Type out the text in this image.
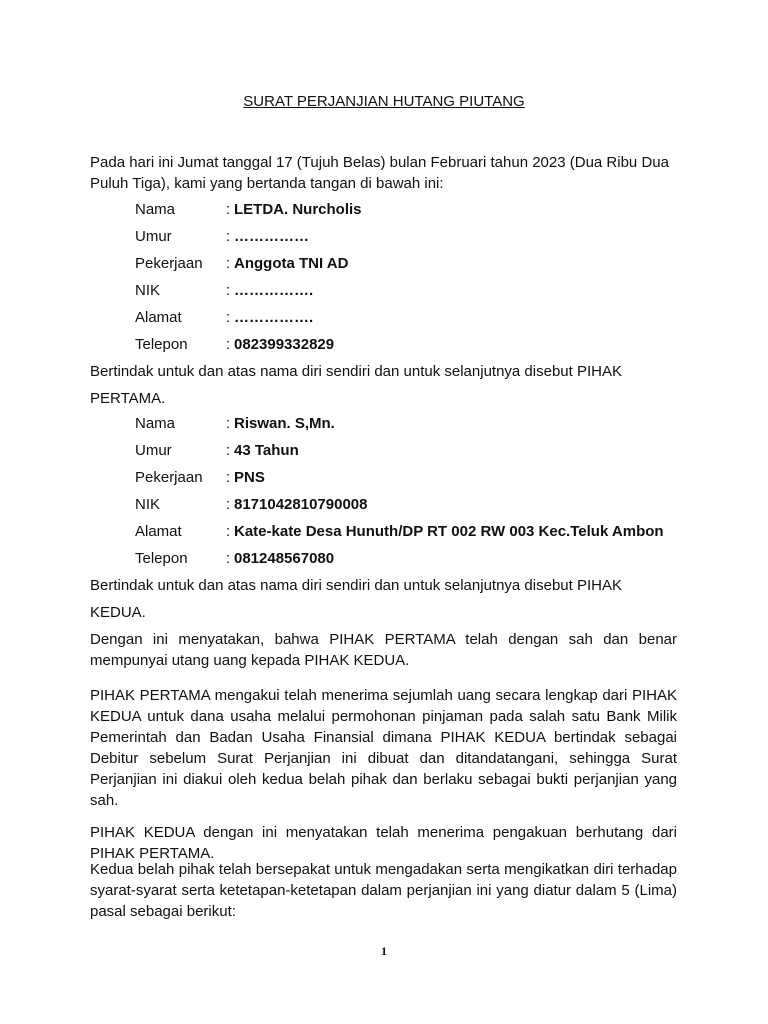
SURAT PERJANJIAN HUTANG PIUTANG

Pada hari ini Jumat tanggal 17 (Tujuh Belas) bulan Februari tahun 2023 (Dua Ribu Dua Puluh Tiga), kami yang bertanda tangan di bawah ini:

Nama	: LETDA. Nurcholis
Umur	: ……………
Pekerjaan	: Anggota TNI AD
NIK	: …………….
Alamat	: …………….
Telepon	: 082399332829
Bertindak untuk dan atas nama diri sendiri dan untuk selanjutnya disebut PIHAK
PERTAMA.
Nama	: Riswan. S,Mn.
Umur	: 43 Tahun
Pekerjaan	: PNS
NIK	: 8171042810790008
Alamat	: Kate-kate Desa Hunuth/DP RT 002 RW 003 Kec.Teluk Ambon
Telepon	: 081248567080
Bertindak untuk dan atas nama diri sendiri dan untuk selanjutnya disebut PIHAK
KEDUA.

Dengan ini menyatakan, bahwa PIHAK PERTAMA telah dengan sah dan benar mempunyai utang uang kepada PIHAK KEDUA.

PIHAK PERTAMA mengakui telah menerima sejumlah uang secara lengkap dari PIHAK KEDUA untuk dana usaha melalui permohonan pinjaman pada salah satu Bank Milik Pemerintah dan Badan Usaha Finansial dimana PIHAK KEDUA bertindak sebagai Debitur sebelum Surat Perjanjian ini dibuat dan ditandatangani, sehingga Surat Perjanjian ini diakui oleh kedua belah pihak dan berlaku sebagai bukti perjanjian yang sah.

PIHAK KEDUA dengan ini menyatakan telah menerima pengakuan berhutang dari PIHAK PERTAMA.

Kedua belah pihak telah bersepakat untuk mengadakan serta mengikatkan diri terhadap syarat-syarat serta ketetapan-ketetapan dalam perjanjian ini yang diatur dalam 5 (Lima) pasal sebagai berikut:

1
